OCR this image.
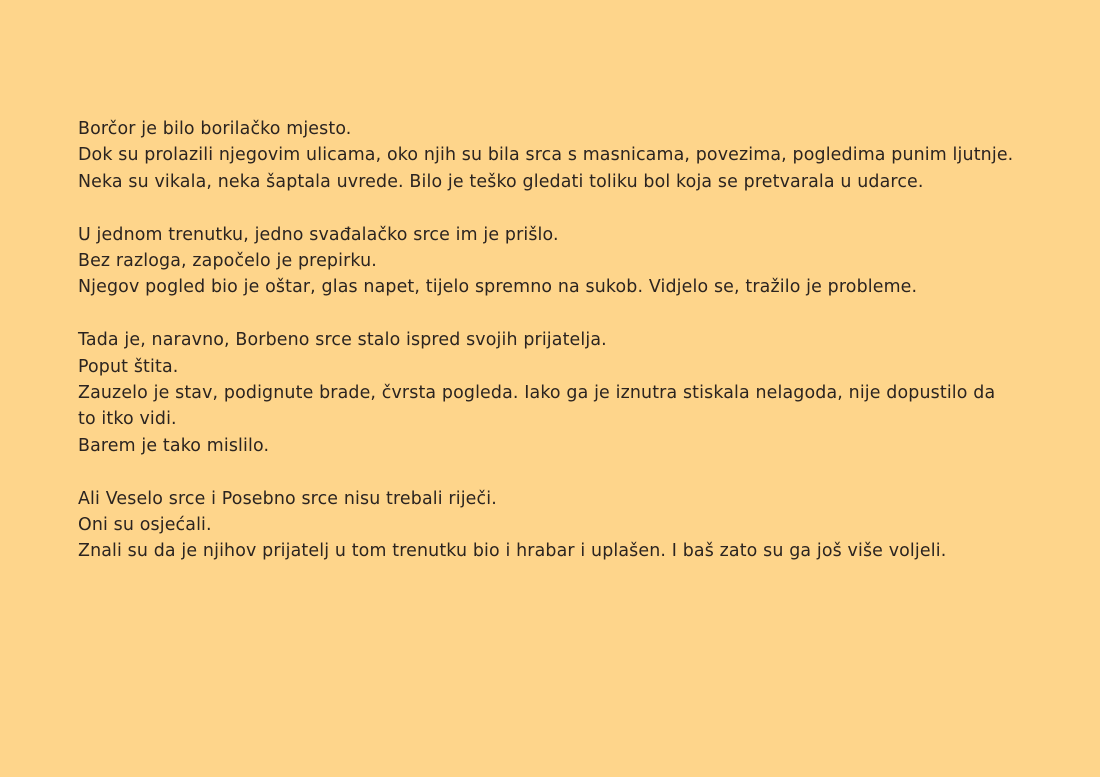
Borčor je bilo borilačko mjesto.
Dok su prolazili njegovim ulicama, oko njih su bila srca s masnicama, povezima, pogledima punim ljutnje. Neka su vikala, neka šaptala uvrede. Bilo je teško gledati toliku bol koja se pretvarala u udarce.

U jednom trenutku, jedno svađalačko srce im je prišlo.
Bez razloga, započelo je prepirku.
Njegov pogled bio je oštar, glas napet, tijelo spremno na sukob. Vidjelo se, tražilo je probleme.

Tada je, naravno, Borbeno srce stalo ispred svojih prijatelja.
Poput štita.
Zauzelo je stav, podignute brade, čvrsta pogleda. Iako ga je iznutra stiskala nelagoda, nije dopustilo da to itko vidi.
Barem je tako mislilo.

Ali Veselo srce i Posebno srce nisu trebali riječi.
Oni su osjećali.
Znali su da je njihov prijatelj u tom trenutku bio i hrabar i uplašen. I baš zato su ga još više voljeli.
